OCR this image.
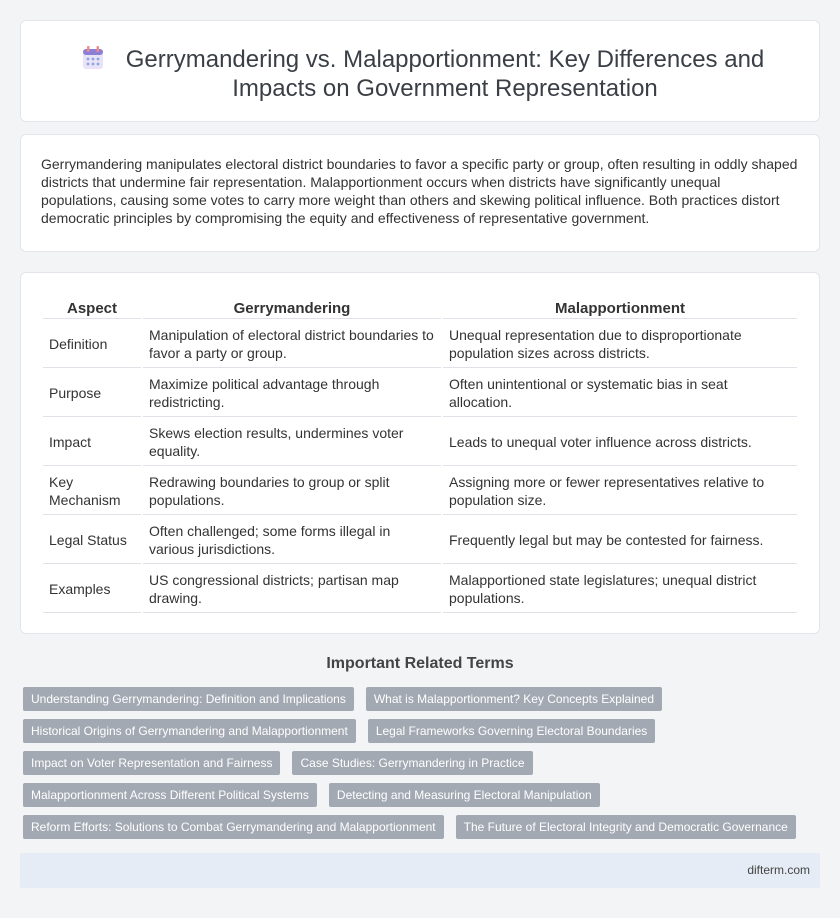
Gerrymandering vs. Malapportionment: Key Differences and Impacts on Government Representation

Gerrymandering manipulates electoral district boundaries to favor a specific party or group, often resulting in oddly shaped districts that undermine fair representation. Malapportionment occurs when districts have significantly unequal populations, causing some votes to carry more weight than others and skewing political influence. Both practices distort democratic principles by compromising the equity and effectiveness of representative government.

Aspect	Gerrymandering	Malapportionment
Definition	Manipulation of electoral district boundaries to favor a party or group.	Unequal representation due to disproportionate population sizes across districts.
Purpose	Maximize political advantage through redistricting.	Often unintentional or systematic bias in seat allocation.
Impact	Skews election results, undermines voter equality.	Leads to unequal voter influence across districts.
Key Mechanism	Redrawing boundaries to group or split populations.	Assigning more or fewer representatives relative to population size.
Legal Status	Often challenged; some forms illegal in various jurisdictions.	Frequently legal but may be contested for fairness.
Examples	US congressional districts; partisan map drawing.	Malapportioned state legislatures; unequal district populations.
Important Related Terms
Understanding Gerrymandering: Definition and Implications	What is Malapportionment? Key Concepts Explained
Historical Origins of Gerrymandering and Malapportionment	Legal Frameworks Governing Electoral Boundaries
Impact on Voter Representation and Fairness	Case Studies: Gerrymandering in Practice
Malapportionment Across Different Political Systems	Detecting and Measuring Electoral Manipulation
Reform Efforts: Solutions to Combat Gerrymandering and Malapportionment	The Future of Electoral Integrity and Democratic Governance
difterm.com
